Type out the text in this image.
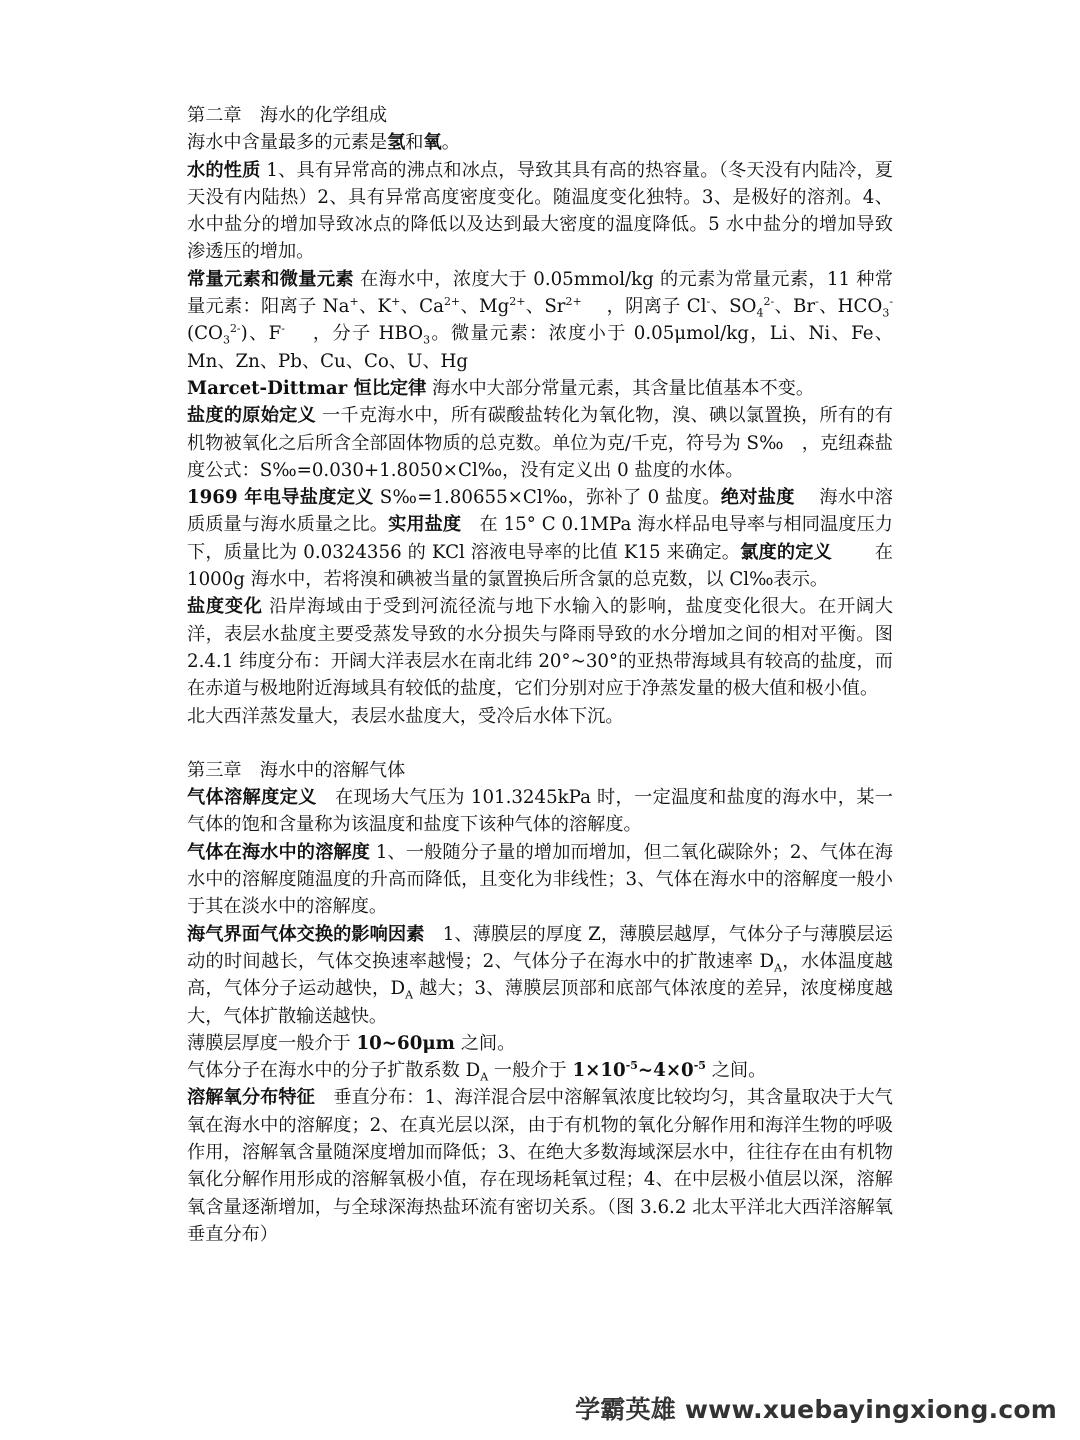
第二章　海水的化学组成

海水中含量最多的元素是氢和氧。

水的性质 1、具有异常高的沸点和冰点，导致其具有高的热容量。（冬天没有内陆冷，夏天没有内陆热）2、具有异常高度密度变化。随温度变化独特。3、是极好的溶剂。4、水中盐分的增加导致冰点的降低以及达到最大密度的温度降低。5 水中盐分的增加导致渗透压的增加。

常量元素和微量元素 在海水中，浓度大于 0.05mmol/kg 的元素为常量元素，11 种常量元素：阳离子 Na+、K+、$Ca^{2+}$、$Mg^{2+}$、$Sr^{2+}$　 ，阴离子 Cl-、$SO_4^{2-}$、Br-、$HCO_3^-(CO_3^{2-})$、F-　 ，分子 $HBO_3$。微量元素：浓度小于 0.05μmol/kg，Li、Ni、Fe、Mn、Zn、Pb、Cu、Co、U、Hg

Marcet-Dittmar 恒比定律 海水中大部分常量元素，其含量比值基本不变。

盐度的原始定义 一千克海水中，所有碳酸盐转化为氧化物，溴、碘以氯置换，所有的有机物被氧化之后所含全部固体物质的总克数。单位为克/千克，符号为 S‰　，克纽森盐度公式：S‰=0.030+1.8050×Cl‰，没有定义出 0 盐度的水体。

1969 年电导盐度定义 S‰=1.80655×Cl‰，弥补了 0 盐度。绝对盐度　 海水中溶质质量与海水质量之比。实用盐度　在 15° C 0.1MPa 海水样品电导率与相同温度压力下，质量比为 0.0324356 的 KCl 溶液电导率的比值 K15 来确定。氯度的定义　　 在 1000g 海水中，若将溴和碘被当量的氯置换后所含氯的总克数，以 Cl‰表示。

盐度变化 沿岸海域由于受到河流径流与地下水输入的影响，盐度变化很大。在开阔大洋，表层水盐度主要受蒸发导致的水分损失与降雨导致的水分增加之间的相对平衡。图 2.4.1 纬度分布：开阔大洋表层水在南北纬 20°~30°的亚热带海域具有较高的盐度，而在赤道与极地附近海域具有较低的盐度，它们分别对应于净蒸发量的极大值和极小值。

北大西洋蒸发量大，表层水盐度大，受冷后水体下沉。

第三章　海水中的溶解气体

气体溶解度定义　在现场大气压为 101.3245kPa 时，一定温度和盐度的海水中，某一气体的饱和含量称为该温度和盐度下该种气体的溶解度。

气体在海水中的溶解度 1、一般随分子量的增加而增加，但二氧化碳除外；2、气体在海水中的溶解度随温度的升高而降低，且变化为非线性；3、气体在海水中的溶解度一般小于其在淡水中的溶解度。

海气界面气体交换的影响因素　1、薄膜层的厚度 Z，薄膜层越厚，气体分子与薄膜层运动的时间越长，气体交换速率越慢；2、气体分子在海水中的扩散速率 $D_A$，水体温度越高，气体分子运动越快，$D_A$ 越大；3、薄膜层顶部和底部气体浓度的差异，浓度梯度越大，气体扩散输送越快。

薄膜层厚度一般介于 10~60μm 之间。

气体分子在海水中的分子扩散系数 $D_A$ 一般介于 $1\times 10^{-5}\sim 4\times 0^{-5}$ 之间。

溶解氧分布特征　垂直分布：1、海洋混合层中溶解氧浓度比较均匀，其含量取决于大气氧在海水中的溶解度；2、在真光层以深，由于有机物的氧化分解作用和海洋生物的呼吸作用，溶解氧含量随深度增加而降低；3、在绝大多数海域深层水中，往往存在由有机物氧化分解作用形成的溶解氧极小值，存在现场耗氧过程；4、在中层极小值层以深，溶解氧含量逐渐增加，与全球深海热盐环流有密切关系。（图 3.6.2 北太平洋北大西洋溶解氧垂直分布）

学霸英雄 www.xuebayingxiong.com
